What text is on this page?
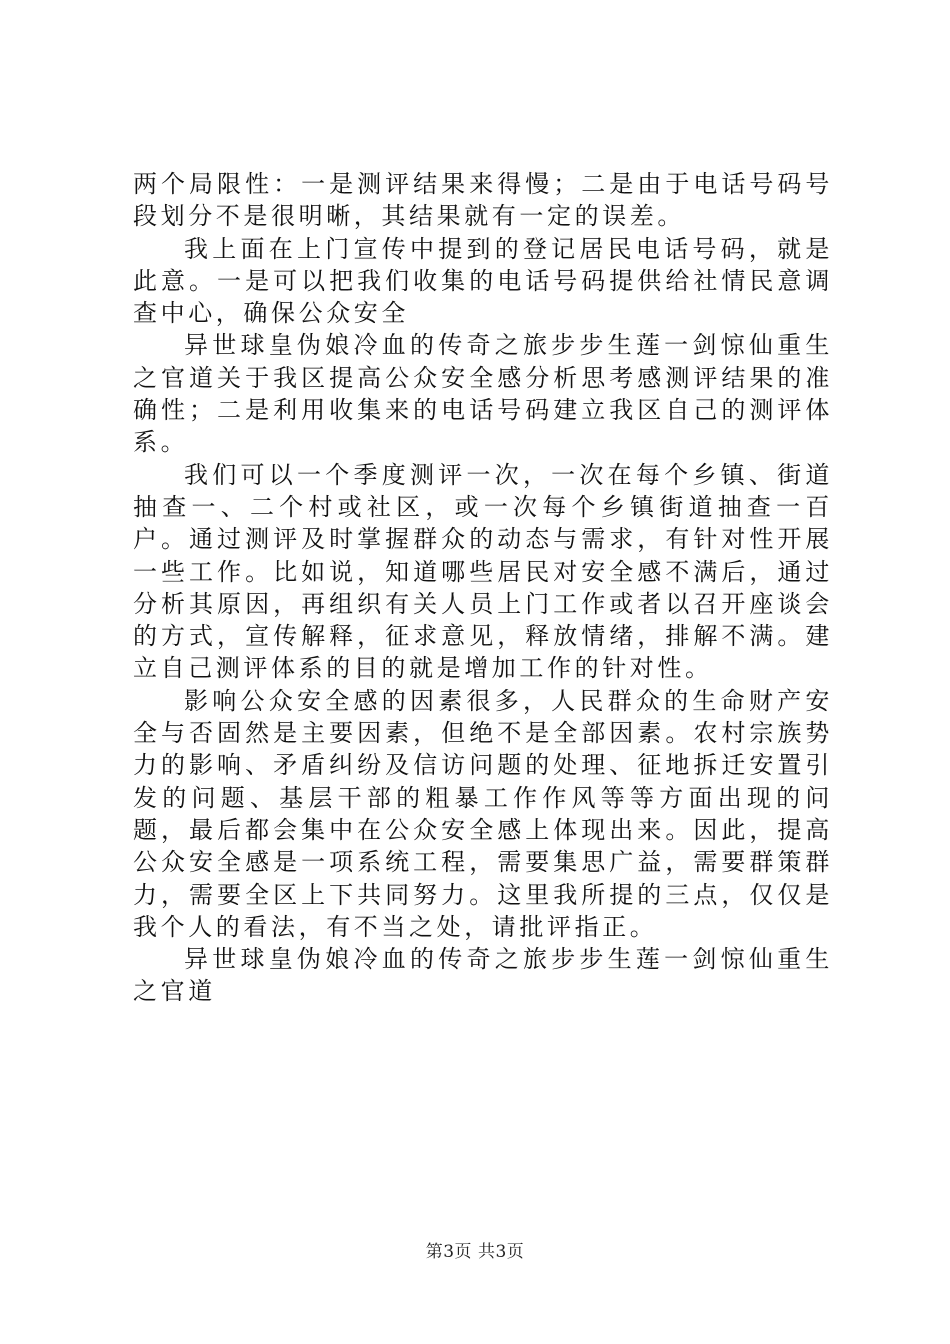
两个局限性：一是测评结果来得慢；二是由于电话号码号段划分不是很明晰，其结果就有一定的误差。

我上面在上门宣传中提到的登记居民电话号码，就是此意。一是可以把我们收集的电话号码提供给社情民意调查中心，确保公众安全

异世球皇伪娘冷血的传奇之旅步步生莲一剑惊仙重生之官道关于我区提高公众安全感分析思考感测评结果的准确性；二是利用收集来的电话号码建立我区自己的测评体系。

我们可以一个季度测评一次，一次在每个乡镇、街道抽查一、二个村或社区，或一次每个乡镇街道抽查一百户。通过测评及时掌握群众的动态与需求，有针对性开展一些工作。比如说，知道哪些居民对安全感不满后，通过分析其原因，再组织有关人员上门工作或者以召开座谈会的方式，宣传解释，征求意见，释放情绪，排解不满。建立自己测评体系的目的就是增加工作的针对性。

影响公众安全感的因素很多，人民群众的生命财产安全与否固然是主要因素，但绝不是全部因素。农村宗族势力的影响、矛盾纠纷及信访问题的处理、征地拆迁安置引发的问题、基层干部的粗暴工作作风等等方面出现的问题，最后都会集中在公众安全感上体现出来。因此，提高公众安全感是一项系统工程，需要集思广益，需要群策群力，需要全区上下共同努力。这里我所提的三点，仅仅是我个人的看法，有不当之处，请批评指正。

异世球皇伪娘冷血的传奇之旅步步生莲一剑惊仙重生之官道

第3页 共3页
